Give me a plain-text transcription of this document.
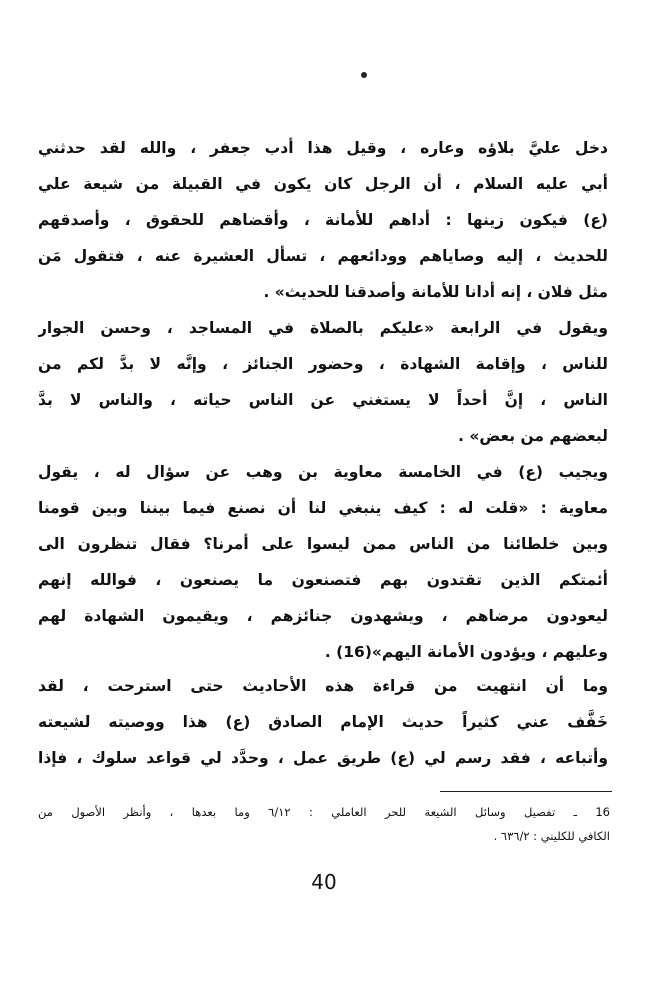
دخل عليَّ بلاؤه وعاره ، وقيل هذا أدب جعفر ، والله لقد حدثني
أبي عليه السلام ، أن الرجل كان يكون في القبيلة من شيعة علي
(ع) فيكون زينها : أداهم للأمانة ، وأقضاهم للحقوق ، وأصدقهم
للحديث ، إليه وصاياهم وودائعهم ، تسأل العشيرة عنه ، فتقول مَن
مثل فلان ، إنه أدانا للأمانة وأصدقنا للحديث» .
ويقول في الرابعة «عليكم بالصلاة في المساجد ، وحسن الجوار
للناس ، وإقامة الشهادة ، وحضور الجنائز ، وإنَّه لا بدَّ لكم من
الناس ، إنَّ أحداً لا يستغني عن الناس حياته ، والناس لا بدَّ
لبعضهم من بعض» .
ويجيب (ع) في الخامسة معاوية بن وهب عن سؤال له ، يقول
معاوية : «قلت له : كيف ينبغي لنا أن نصنع فيما بيننا وبين قومنا
وبين خلطائنا من الناس ممن ليسوا على أمرنا؟ فقال تنظرون الى
أئمتكم الذين تقتدون بهم فتصنعون ما يصنعون ، فوالله إنهم
ليعودون مرضاهم ، ويشهدون جنائزهم ، ويقيمون الشهادة لهم
وعليهم ، ويؤدون الأمانة اليهم»(16) .
وما أن انتهيت من قراءة هذه الأحاديث حتى استرحت ، لقد
خَفَّف عني كثيراً حديث الإمام الصادق (ع) هذا ووصيته لشيعته
وأتباعه ، فقد رسم لي (ع) طريق عمل ، وحدَّد لي قواعد سلوك ، فإذا
16 ـ تفصيل وسائل الشيعة للحر العاملي : ٦/١٢ وما بعدها ، وأنظر الأصول من
الكافي للكليني : ٦٣٦/٢ .
40
